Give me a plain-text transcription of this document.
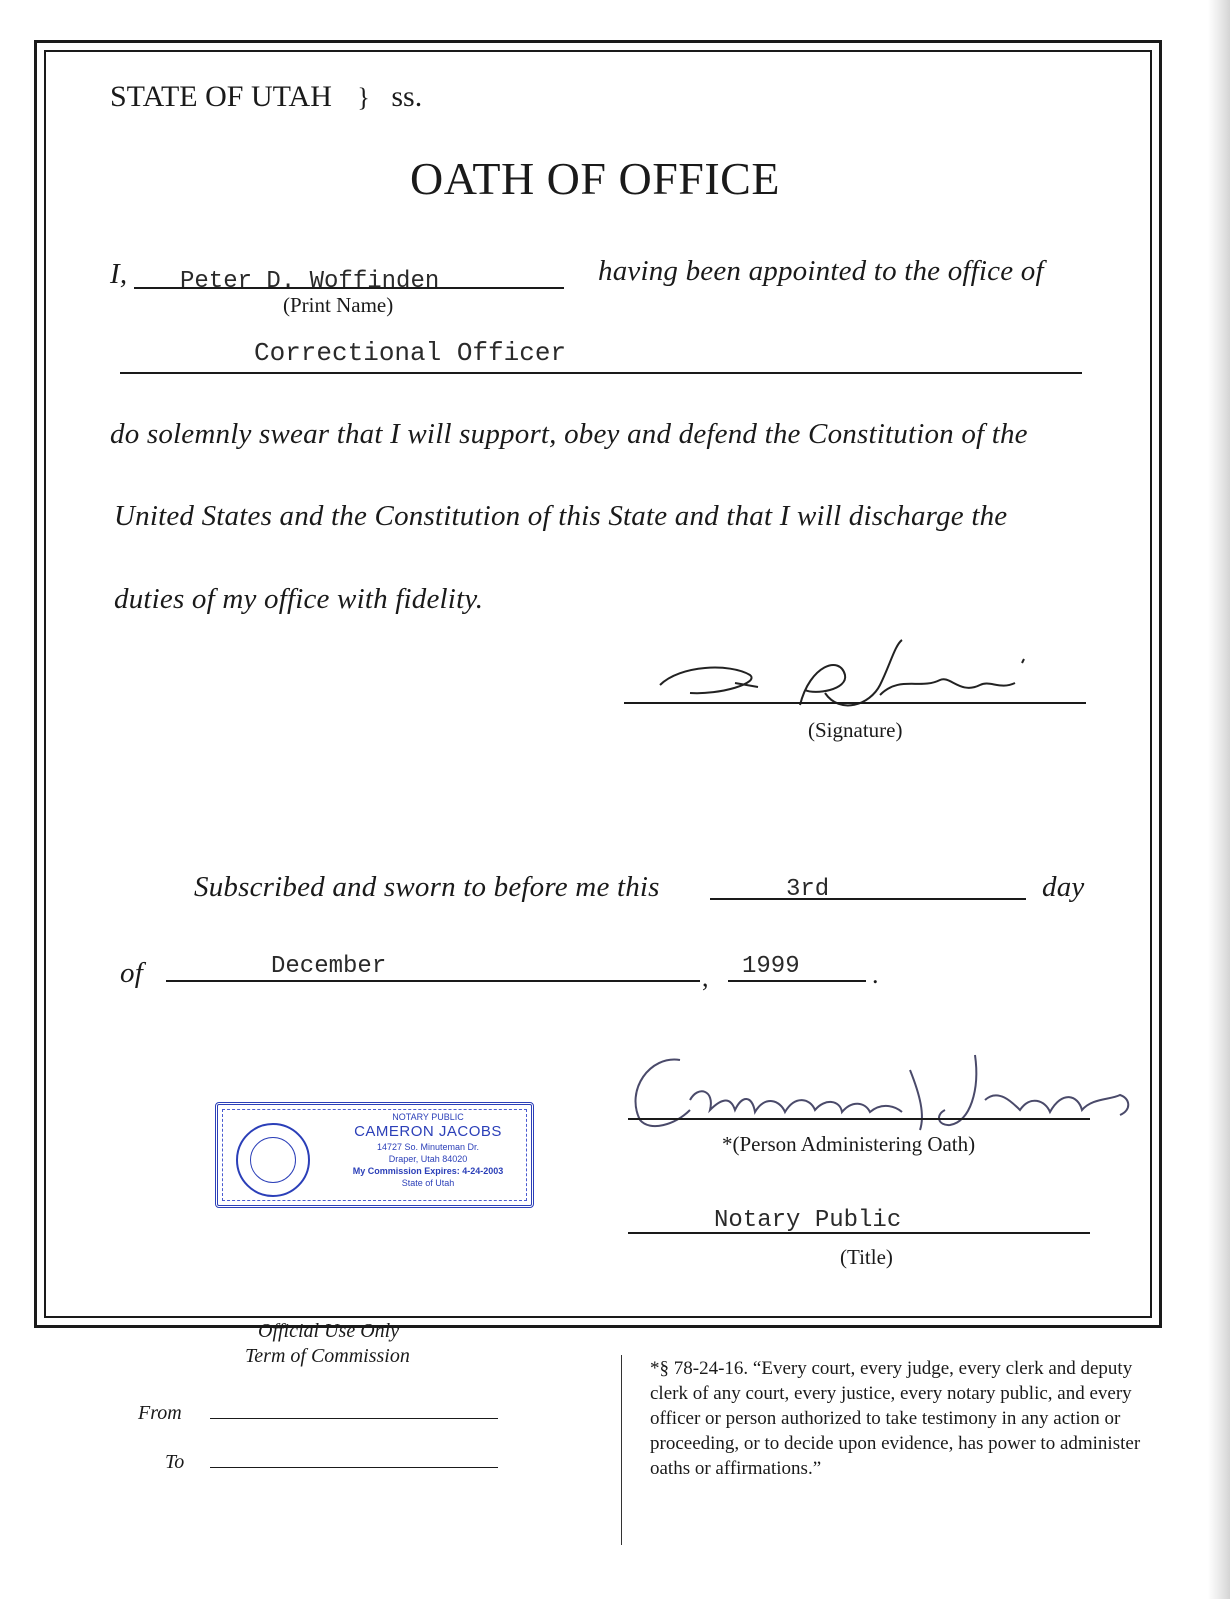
STATE OF UTAH } ss.
OATH OF OFFICE
I, Peter D. Woffinden
(Print Name)
having been appointed to the office of
Correctional Officer
do solemnly swear that I will support, obey and defend the Constitution of the
United States and the Constitution of this State and that I will discharge the
duties of my office with fidelity.
(Signature)
Subscribed and sworn to before me this	3rd	day
of	December	, 1999	.
NOTARY PUBLIC
CAMERON JACOBS
14727 So. Minuteman Dr.
Draper, Utah 84020
My Commission Expires: 4-24-2003
State of Utah
*(Person Administering Oath)
Notary Public
(Title)
Official Use Only
Term of Commission
From
To
*§ 78-24-16. “Every court, every judge, every clerk and deputy clerk of any court, every justice, every notary public, and every officer or person authorized to take testimony in any action or proceeding, or to decide upon evidence, has power to administer oaths or affirmations.”
